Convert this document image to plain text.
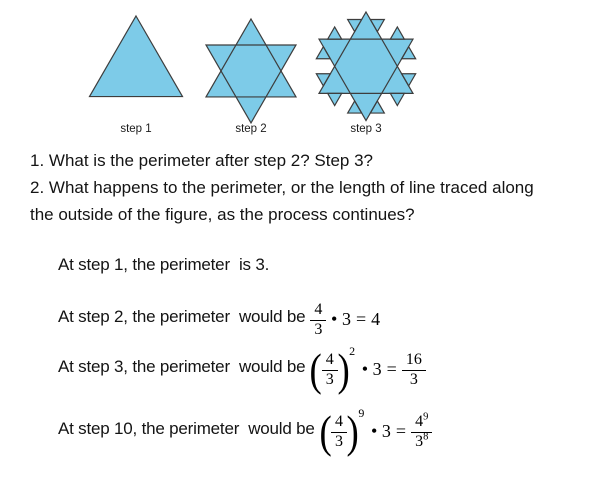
step 1	step 2	step 3
1. What is the perimeter after step 2? Step 3?
2. What happens to the perimeter, or the length of line traced along
the outside of the figure, as the process continues?
At step 1, the perimeter  is 3.
At step 2, the perimeter  would be $\frac{4}{3}$ • 3 = 4
At step 3, the perimeter  would be ( $\frac{4}{3}$ ) 2
• $3 = \frac{16}{3}$
At step 10, the perimeter  would be ( $\frac{4}{3}$ ) 9
• $3 = \frac{4^9}{3^8}$
